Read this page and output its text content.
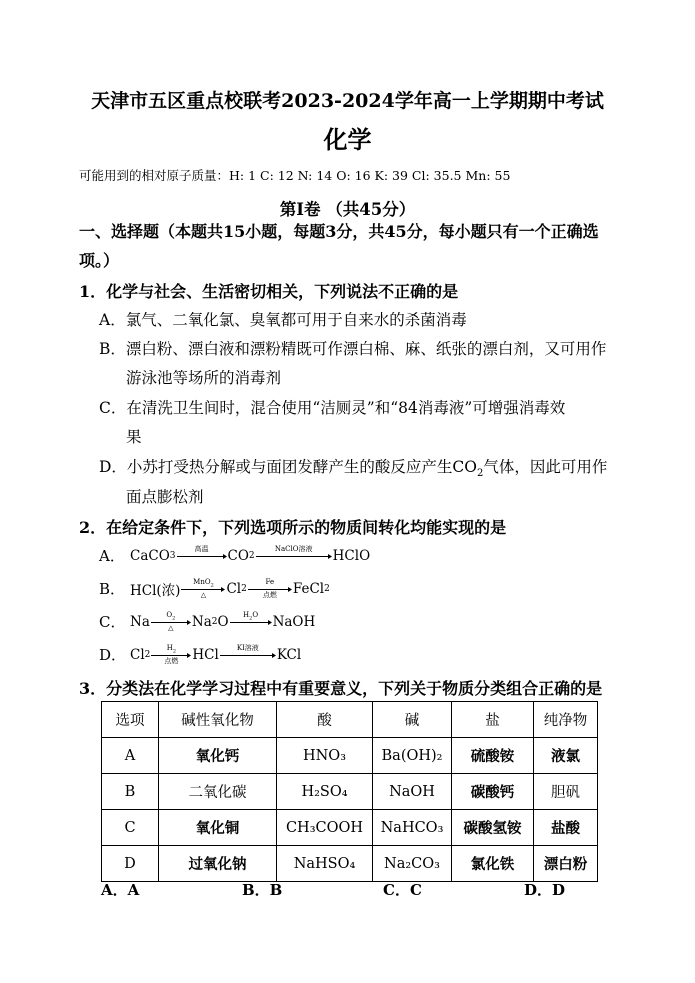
天津市五区重点校联考2023-2024学年高一上学期期中考试
化学
可能用到的相对原子质量：H: 1 C: 12 N: 14 O: 16 K: 39 Cl: 35.5 Mn: 55
第Ⅰ卷 （共45分）
一、选择题（本题共15小题，每题3分，共45分，每小题只有一个正确选
项。）
1．化学与社会、生活密切相关，下列说法不正确的是
A．氯气、二氧化氯、臭氧都可用于自来水的杀菌消毒
B．漂白粉、漂白液和漂粉精既可作漂白棉、麻、纸张的漂白剂，又可用作
游泳池等场所的消毒剂
C．在清洗卫生间时，混合使用“洁厕灵”和“84消毒液”可增强消毒效
果
D．小苏打受热分解或与面团发酵产生的酸反应产生$CO_2$气体，因此可用作
面点膨松剂
2．在给定条件下，下列选项所示的物质间转化均能实现的是
A． CaCO 3
高温	CO 2
NaClO溶液	HClO
B． HCl(浓)
MnO$_2$
△	Cl 2
Fe
点燃	FeCl 2
C． Na	$O_2$
△	Na 2 O	$H_2O$	NaOH
D． Cl 2
$H_2$
点燃	HCl	KI溶液	KCl
3．分类法在化学学习过程中有重要意义，下列关于物质分类组合正确的是
选项	碱性氧化物	酸	碱	盐	纯净物
A	氧化钙	HNO₃	Ba(OH)₂	硫酸铵	液氯
B	二氧化碳	H₂SO₄	NaOH	碳酸钙	胆矾
C	氧化铜	CH₃COOH	NaHCO₃	碳酸氢铵	盐酸
D	过氧化钠	NaHSO₄	Na₂CO₃	氯化铁	漂白粉
A．A	B．B	C．C	D．D
